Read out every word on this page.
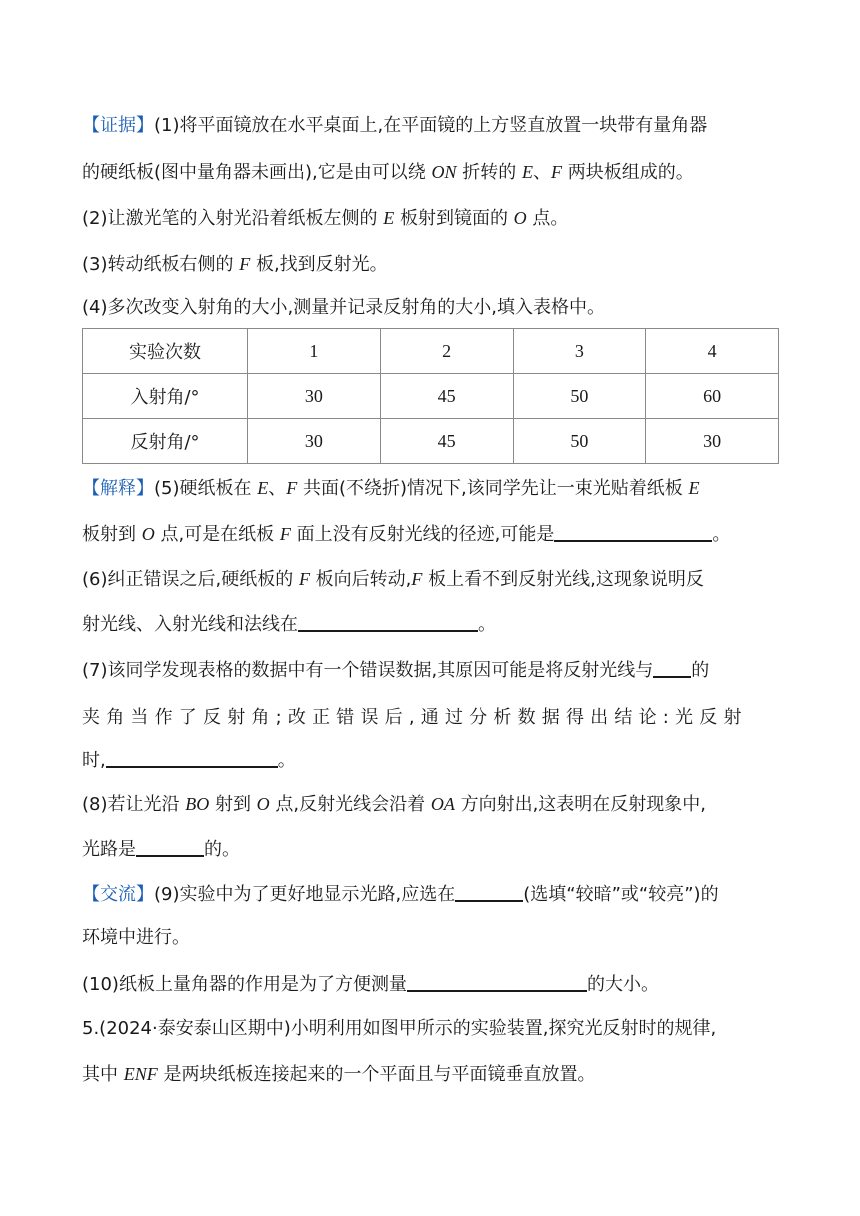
【证据】(1)将平面镜放在水平桌面上,在平面镜的上方竖直放置一块带有量角器
的硬纸板(图中量角器未画出),它是由可以绕 ON 折转的 E、F 两块板组成的。
(2)让激光笔的入射光沿着纸板左侧的 E 板射到镜面的 O 点。
(3)转动纸板右侧的 F 板,找到反射光。
(4)多次改变入射角的大小,测量并记录反射角的大小,填入表格中。
实验次数	1	2	3	4
入射角/°	30	45	50	60
反射角/°	30	45	50	30
【解释】(5)硬纸板在 E、F 共面(不绕折)情况下,该同学先让一束光贴着纸板 E
板射到 O 点,可是在纸板 F 面上没有反射光线的径迹,可能是	。
(6)纠正错误之后,硬纸板的 F 板向后转动,F 板上看不到反射光线,这现象说明反
射光线、入射光线和法线在	。
(7)该同学发现表格的数据中有一个错误数据,其原因可能是将反射光线与 的
夹角当作了反射角;改正错误后,通过分析数据得出结论:光反射
时,	。
(8)若让光沿 BO 射到 O 点,反射光线会沿着 OA 方向射出,这表明在反射现象中,
光路是	的。
【交流】(9)实验中为了更好地显示光路,应选在	(选填“较暗”或“较亮”)的
环境中进行。
(10)纸板上量角器的作用是为了方便测量	的大小。
5.(2024·泰安泰山区期中)小明利用如图甲所示的实验装置,探究光反射时的规律,
其中 ENF 是两块纸板连接起来的一个平面且与平面镜垂直放置。
